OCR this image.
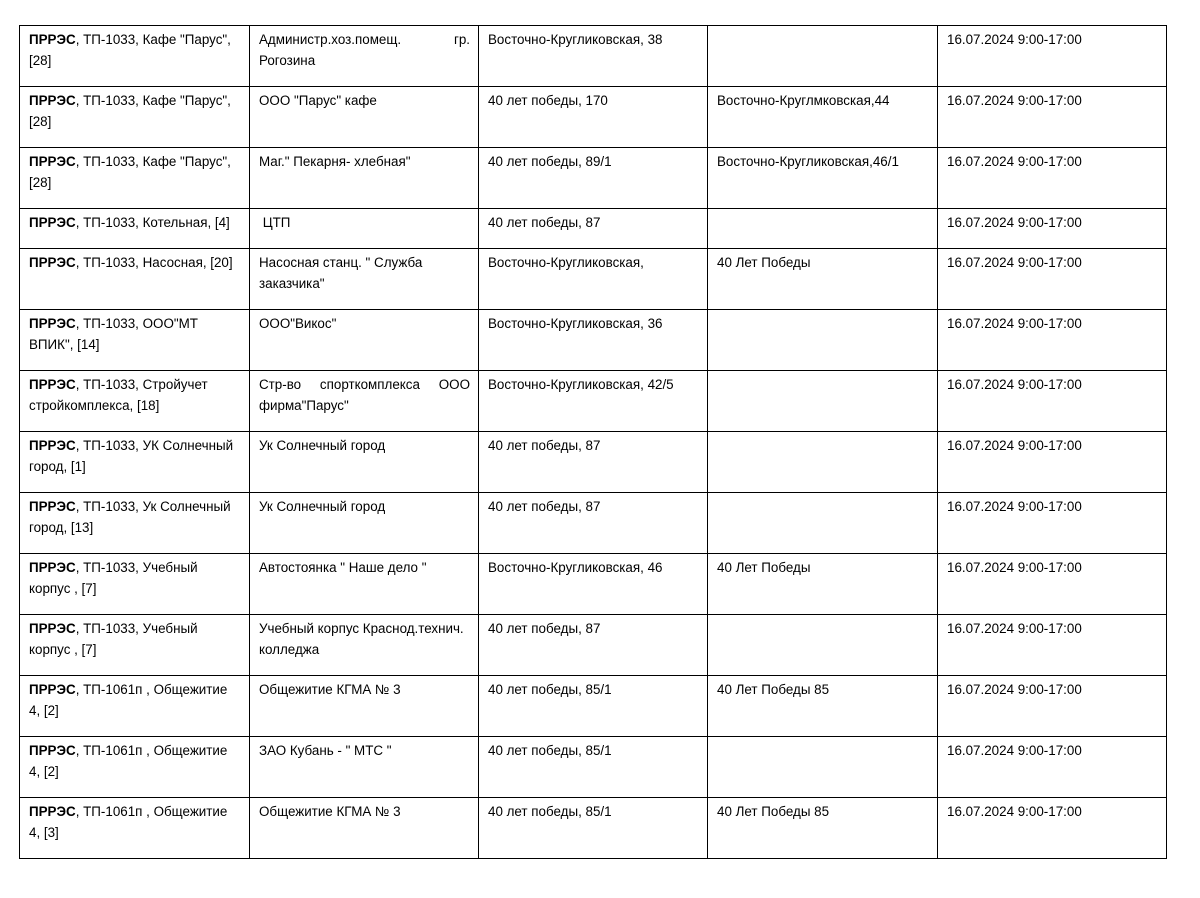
ПРРЭС, ТП-1033, Кафе "Парус", [28]	Администр.хоз.помещ. гр. Рогозина	Восточно-Кругликовская, 38		16.07.2024 9:00-17:00
ПРРЭС, ТП-1033, Кафе "Парус", [28]	ООО "Парус" кафе	40 лет победы, 170	Восточно-Круглмковская,44	16.07.2024 9:00-17:00
ПРРЭС, ТП-1033, Кафе "Парус", [28]	Маг." Пекарня- хлебная"	40 лет победы, 89/1	Восточно-Кругликовская,46/1	16.07.2024 9:00-17:00
ПРРЭС, ТП-1033, Котельная, [4]	ЦТП	40 лет победы, 87		16.07.2024 9:00-17:00
ПРРЭС, ТП-1033, Насосная, [20]	Насосная станц. " Служба заказчика"	Восточно-Кругликовская,	40 Лет Победы	16.07.2024 9:00-17:00
ПРРЭС, ТП-1033, ООО"МТ ВПИК", [14]	ООО"Викос"	Восточно-Кругликовская, 36		16.07.2024 9:00-17:00
ПРРЭС, ТП-1033, Стройучет стройкомплекса, [18]	Стр-во спорткомплекса ООО фирма"Парус"	Восточно-Кругликовская, 42/5		16.07.2024 9:00-17:00
ПРРЭС, ТП-1033, УК Солнечный город, [1]	Ук Солнечный город	40 лет победы, 87		16.07.2024 9:00-17:00
ПРРЭС, ТП-1033, Ук Солнечный город, [13]	Ук Солнечный город	40 лет победы, 87		16.07.2024 9:00-17:00
ПРРЭС, ТП-1033, Учебный корпус , [7]	Автостоянка " Наше дело "	Восточно-Кругликовская, 46	40 Лет Победы	16.07.2024 9:00-17:00
ПРРЭС, ТП-1033, Учебный корпус , [7]	Учебный корпус Краснод.технич. колледжа	40 лет победы, 87		16.07.2024 9:00-17:00
ПРРЭС, ТП-1061п , Общежитие 4, [2]	Общежитие КГМА № 3	40 лет победы, 85/1	40 Лет Победы 85	16.07.2024 9:00-17:00
ПРРЭС, ТП-1061п , Общежитие 4, [2]	ЗАО Кубань - " МТС "	40 лет победы, 85/1		16.07.2024 9:00-17:00
ПРРЭС, ТП-1061п , Общежитие 4, [3]	Общежитие КГМА № 3	40 лет победы, 85/1	40 Лет Победы 85	16.07.2024 9:00-17:00
